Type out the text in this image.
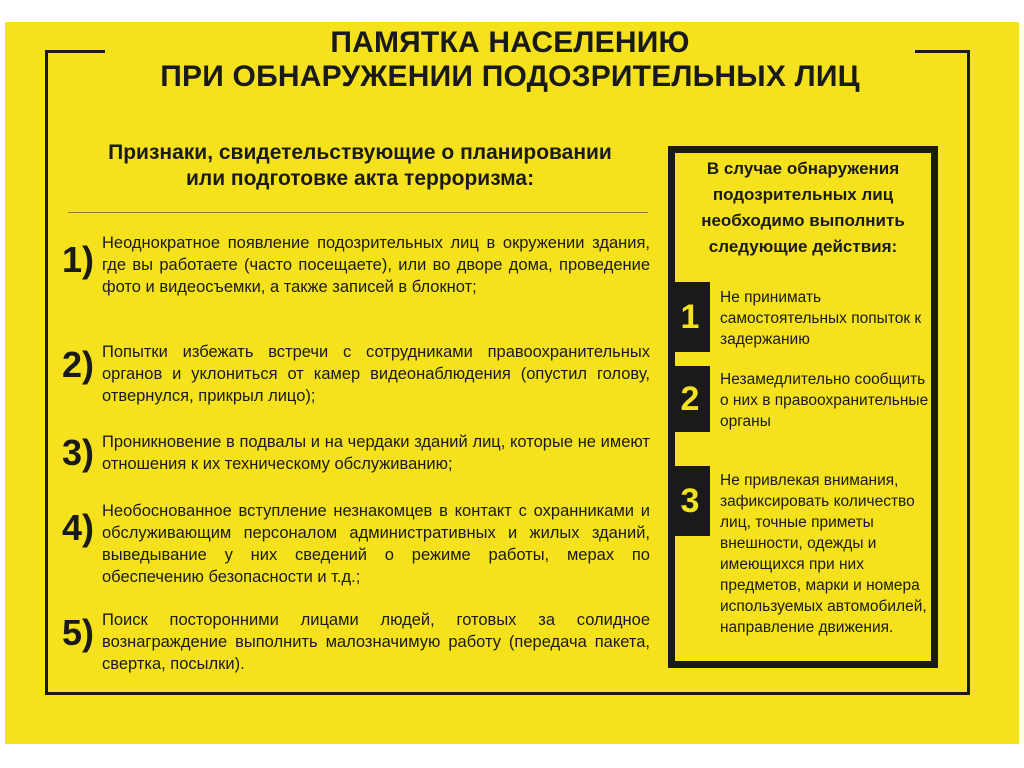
ПАМЯТКА НАСЕЛЕНИЮ
ПРИ ОБНАРУЖЕНИИ ПОДОЗРИТЕЛЬНЫХ ЛИЦ
Признаки, свидетельствующие о планировании
или подготовке акта терроризма:
1) Неоднократное появление подозрительных лиц в окружении здания, где вы работаете (часто посещаете), или во дворе дома, проведение фото и видеосъемки, а также записей в блокнот;
2) Попытки избежать встречи с сотрудниками правоохранительных органов и уклониться от камер видеонаблюдения (опустил голову, отвернулся, прикрыл лицо);
3) Проникновение в подвалы и на чердаки зданий лиц, которые не имеют отношения к их техническому обслуживанию;
4) Необоснованное вступление незнакомцев в контакт с охранниками и обслуживающим персоналом административных и жилых зданий, выведывание у них сведений о режиме работы, мерах по обеспечению безопасности и т.д.;
5) Поиск посторонними лицами людей, готовых за солидное вознаграждение выполнить малозначимую работу (передача пакета, свертка, посылки).
В случае обнаружения подозрительных лиц необходимо выполнить следующие действия:
1
Не принимать самостоятельных попыток к задержанию
2
Незамедлительно сообщить о них в правоохранительные органы
3
Не привлекая внимания, зафиксировать количество лиц, точные приметы внешности, одежды и имеющихся при них предметов, марки и номера используемых автомобилей, направление движения.
